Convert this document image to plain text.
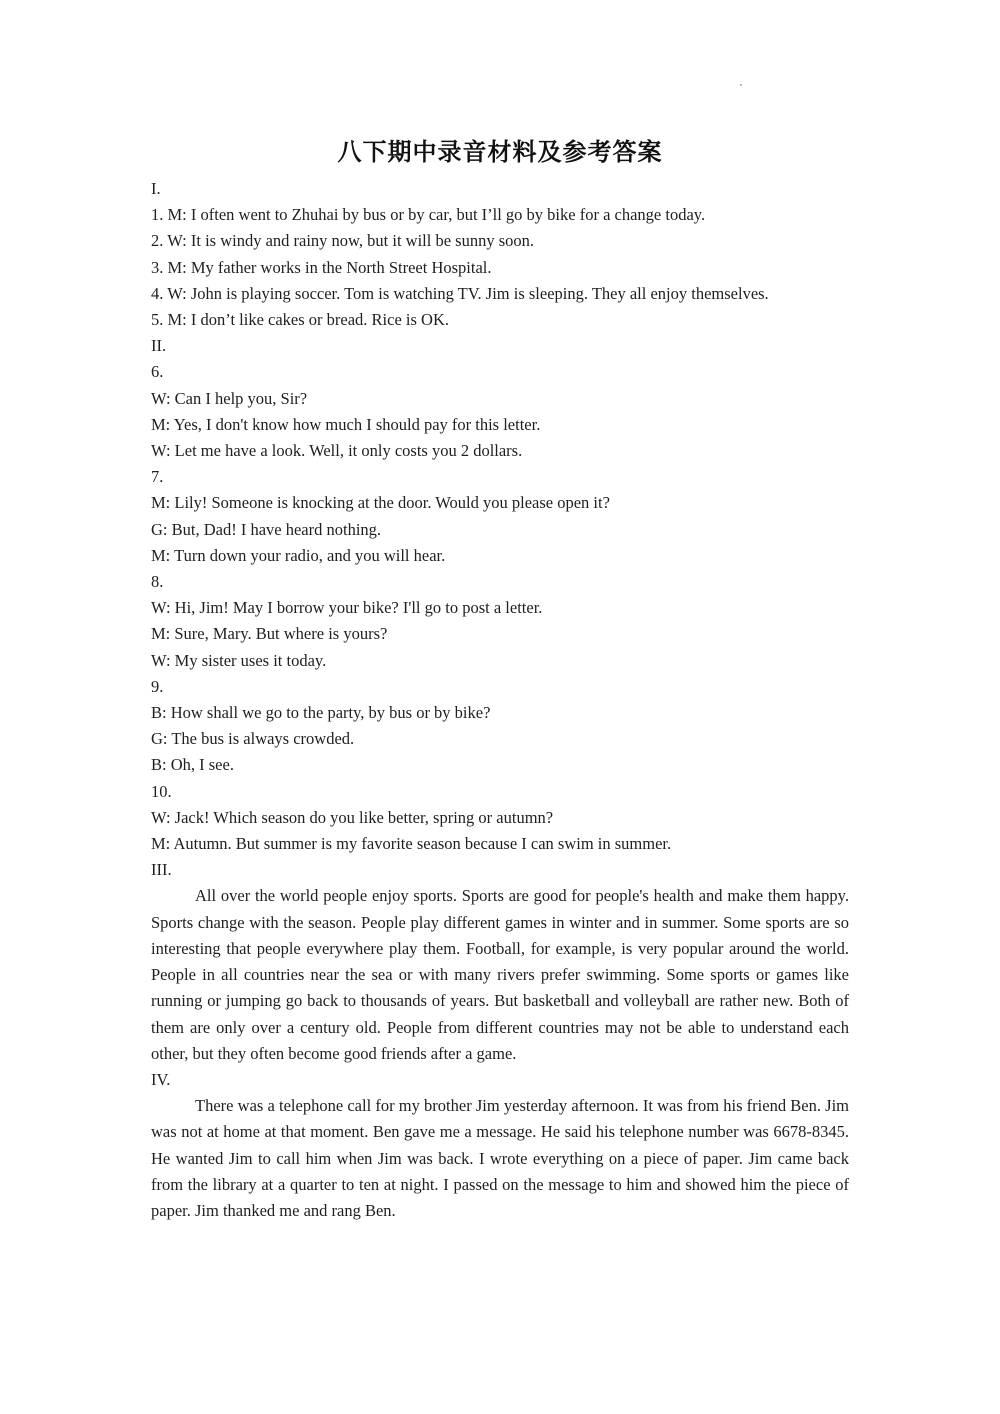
八下期中录音材料及参考答案
I.
1. M: I often went to Zhuhai by bus or by car, but I’ll go by bike for a change today.
2. W: It is windy and rainy now, but it will be sunny soon.
3. M: My father works in the North Street Hospital.
4. W: John is playing soccer. Tom is watching TV. Jim is sleeping. They all enjoy themselves.
5. M: I don’t like cakes or bread. Rice is OK.
II.
6.
W: Can I help you, Sir?
M: Yes, I don't know how much I should pay for this letter.
W: Let me have a look. Well, it only costs you 2 dollars.
7.
M: Lily! Someone is knocking at the door. Would you please open it?
G: But, Dad! I have heard nothing.
M: Turn down your radio, and you will hear.
8.
W: Hi, Jim! May I borrow your bike? I'll go to post a letter.
M: Sure, Mary. But where is yours?
W: My sister uses it today.
9.
B: How shall we go to the party, by bus or by bike?
G: The bus is always crowded.
B: Oh, I see.
10.
W: Jack! Which season do you like better, spring or autumn?
M: Autumn. But summer is my favorite season because I can swim in summer.
III.

All over the world people enjoy sports. Sports are good for people's health and make them happy. Sports change with the season. People play different games in winter and in summer. Some sports are so interesting that people everywhere play them. Football, for example, is very popular around the world. People in all countries near the sea or with many rivers prefer swimming. Some sports or games like running or jumping go back to thousands of years. But basketball and volleyball are rather new. Both of them are only over a century old. People from different countries may not be able to understand each other, but they often become good friends after a game.

IV.

There was a telephone call for my brother Jim yesterday afternoon. It was from his friend Ben. Jim was not at home at that moment. Ben gave me a message. He said his telephone number was 6678-8345. He wanted Jim to call him when Jim was back. I wrote everything on a piece of paper. Jim came back from the library at a quarter to ten at night. I passed on the message to him and showed him the piece of paper. Jim thanked me and rang Ben.
